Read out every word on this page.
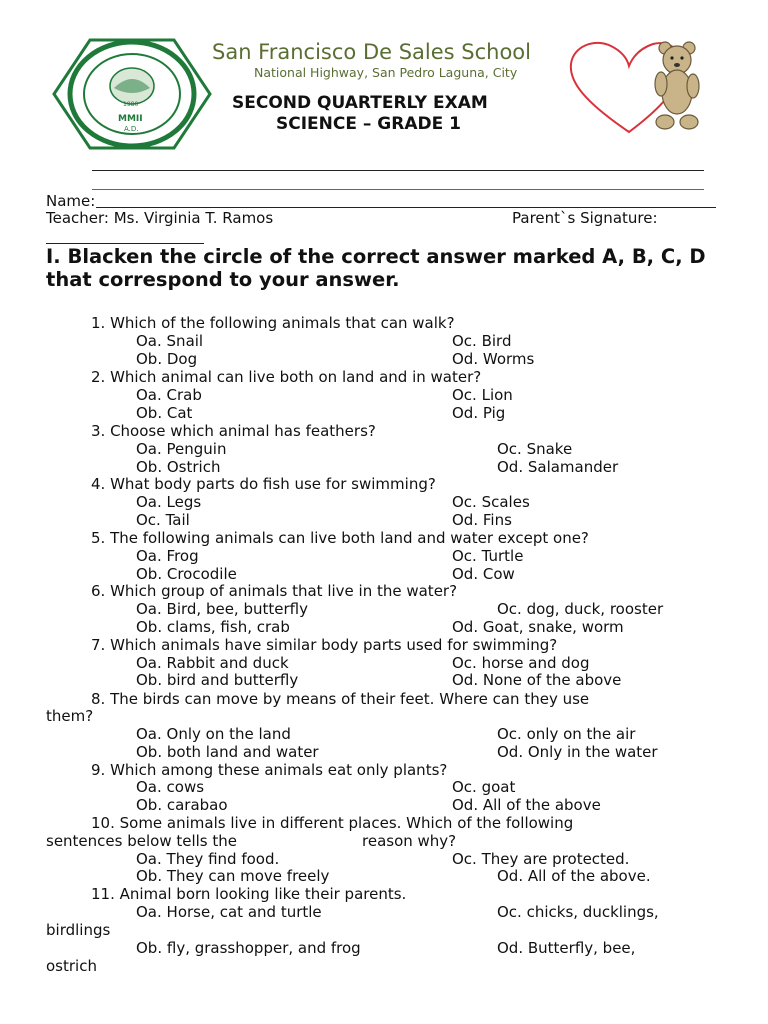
MMII
A.D.
1980
San Francisco De Sales School
National Highway, San Pedro Laguna, City
SECOND QUARTERLY EXAM
SCIENCE – GRADE 1
Name:
Teacher: Ms. Virginia T. Ramos	Parent`s Signature:
I. Blacken the circle of the correct answer marked A, B, C, D that correspond to your answer.
1. Which of the following animals that can walk?
Oa. Snail	Oc. Bird
Ob. Dog	Od. Worms
2. Which animal can live both on land and in water?
Oa. Crab	Oc. Lion
Ob. Cat	Od. Pig
3. Choose which animal has feathers?
Oa. Penguin	Oc. Snake
Ob. Ostrich	Od. Salamander
4. What body parts do fish use for swimming?
Oa. Legs	Oc. Scales
Oc. Tail	Od. Fins
5. The following animals can live both land and water except one?
Oa. Frog	Oc. Turtle
Ob. Crocodile	Od. Cow
6. Which group of animals that live in the water?
Oa. Bird, bee, butterfly	Oc. dog, duck, rooster
Ob. clams, fish, crab	Od. Goat, snake, worm
7. Which animals have similar body parts used for swimming?
Oa. Rabbit and duck	Oc. horse and dog
Ob. bird and butterfly	Od. None of the above
8. The birds can move by means of their feet. Where can they use
them?
Oa. Only on the land	Oc. only on the air
Ob. both land and water	Od. Only in the water
9. Which among these animals eat only plants?
Oa. cows	Oc. goat
Ob. carabao	Od. All of the above
10. Some animals live in different places. Which of the following
sentences below tells the	reason why?
Oa. They find food.	Oc. They are protected.
Ob. They can move freely	Od. All of the above.
11. Animal born looking like their parents.
Oa. Horse, cat and turtle	Oc. chicks, ducklings,
birdlings
Ob. fly, grasshopper, and frog	Od. Butterfly, bee,
ostrich
